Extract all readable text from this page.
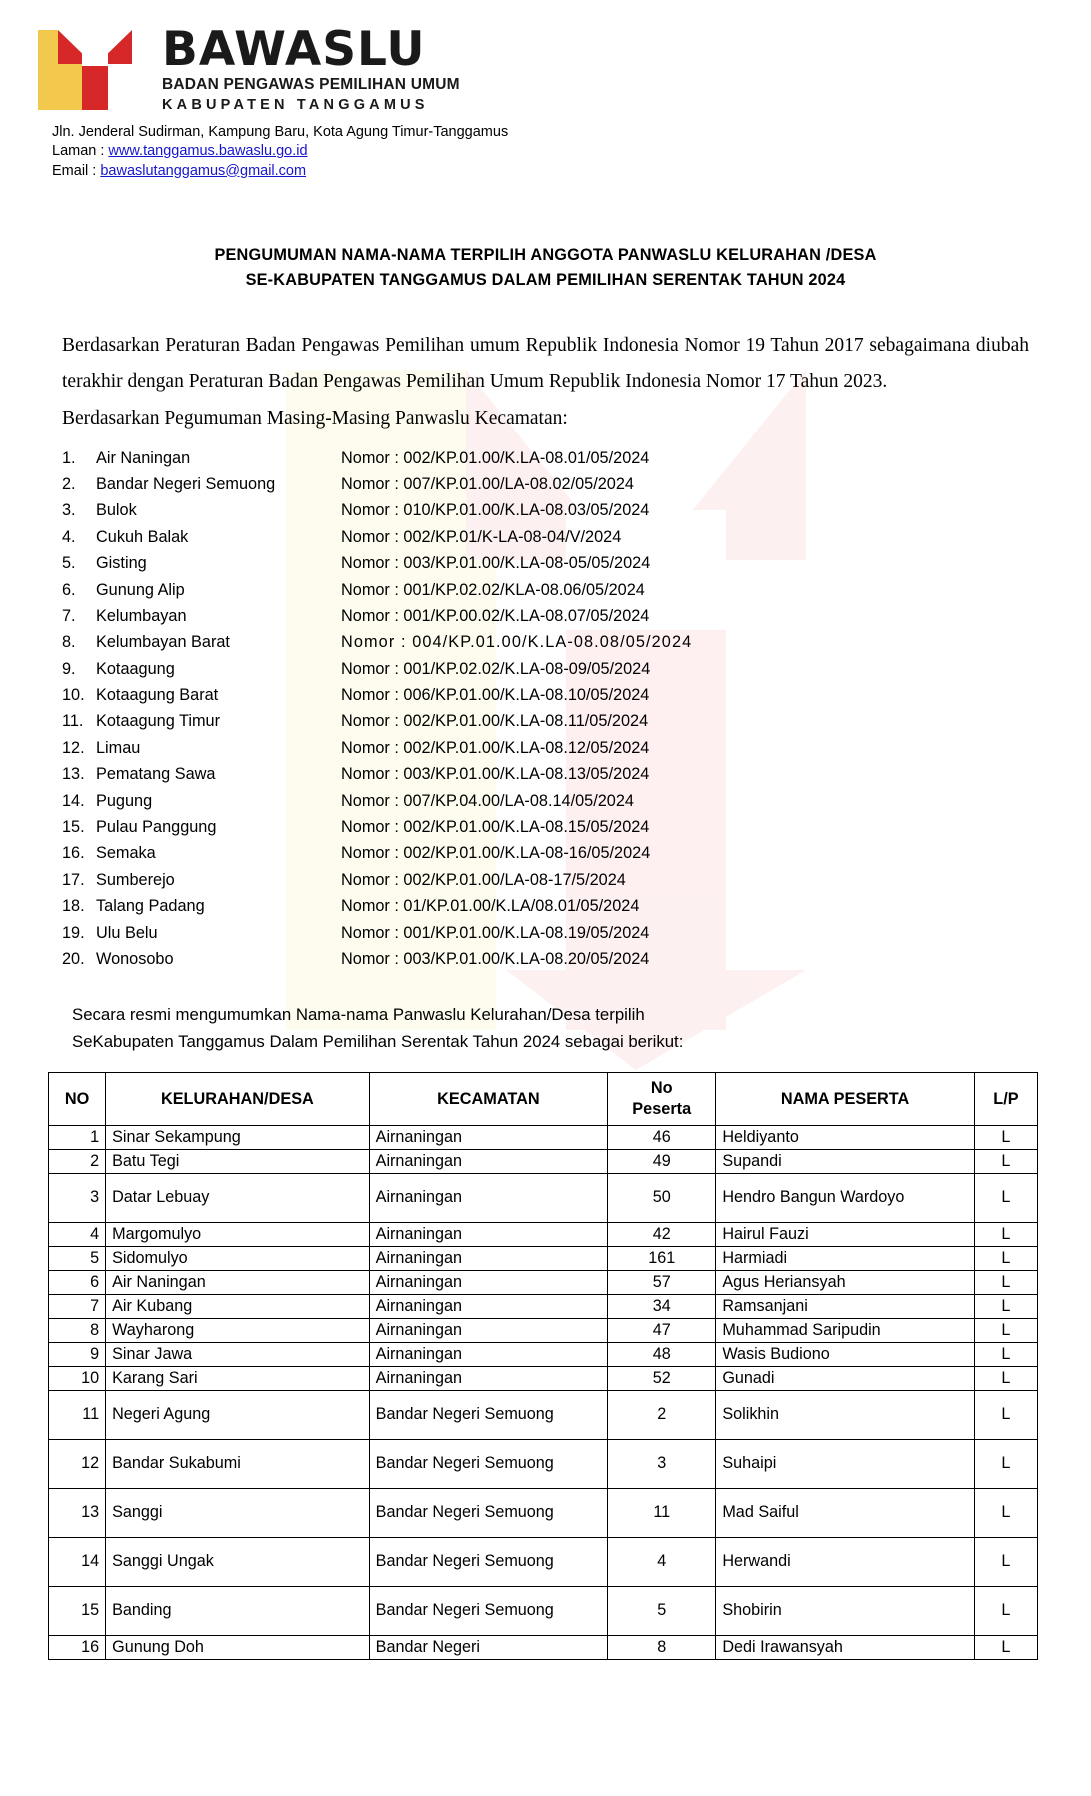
BAWASLU
BADAN PENGAWAS PEMILIHAN UMUM
KABUPATEN TANGGAMUS
Jln. Jenderal Sudirman, Kampung Baru, Kota Agung Timur-Tanggamus
Laman : www.tanggamus.bawaslu.go.id
Email : bawaslutanggamus@gmail.com
PENGUMUMAN NAMA-NAMA TERPILIH ANGGOTA PANWASLU KELURAHAN /DESA
SE-KABUPATEN TANGGAMUS DALAM PEMILIHAN SERENTAK TAHUN 2024
Berdasarkan Peraturan Badan Pengawas Pemilihan umum Republik Indonesia Nomor 19 Tahun 2017 sebagaimana diubah terakhir dengan Peraturan Badan Pengawas Pemilihan Umum Republik Indonesia Nomor 17 Tahun 2023.
Berdasarkan Pegumuman Masing-Masing Panwaslu Kecamatan:
1.	Air Naningan	Nomor : 002/KP.01.00/K.LA-08.01/05/2024
2.	Bandar Negeri Semuong	Nomor : 007/KP.01.00/LA-08.02/05/2024
3.	Bulok	Nomor : 010/KP.01.00/K.LA-08.03/05/2024
4.	Cukuh Balak	Nomor : 002/KP.01/K-LA-08-04/V/2024
5.	Gisting	Nomor : 003/KP.01.00/K.LA-08-05/05/2024
6.	Gunung Alip	Nomor : 001/KP.02.02/KLA-08.06/05/2024
7.	Kelumbayan	Nomor : 001/KP.00.02/K.LA-08.07/05/2024
8.	Kelumbayan Barat	Nomor : 004/KP.01.00/K.LA-08.08/05/2024
9.	Kotaagung	Nomor : 001/KP.02.02/K.LA-08-09/05/2024
10. Kotaagung Barat	Nomor : 006/KP.01.00/K.LA-08.10/05/2024
11. Kotaagung Timur	Nomor : 002/KP.01.00/K.LA-08.11/05/2024
12. Limau	Nomor : 002/KP.01.00/K.LA-08.12/05/2024
13. Pematang Sawa	Nomor : 003/KP.01.00/K.LA-08.13/05/2024
14. Pugung	Nomor : 007/KP.04.00/LA-08.14/05/2024
15. Pulau Panggung	Nomor : 002/KP.01.00/K.LA-08.15/05/2024
16. Semaka	Nomor : 002/KP.01.00/K.LA-08-16/05/2024
17. Sumberejo	Nomor : 002/KP.01.00/LA-08-17/5/2024
18. Talang Padang	Nomor : 01/KP.01.00/K.LA/08.01/05/2024
19. Ulu Belu	Nomor : 001/KP.01.00/K.LA-08.19/05/2024
20. Wonosobo	Nomor : 003/KP.01.00/K.LA-08.20/05/2024
Secara resmi mengumumkan Nama-nama Panwaslu Kelurahan/Desa terpilih
SeKabupaten Tanggamus Dalam Pemilihan Serentak Tahun 2024 sebagai berikut:
NO	KELURAHAN/DESA	KECAMATAN	No
Peserta	NAMA PESERTA	L/P
1	Sinar Sekampung	Airnaningan	46	Heldiyanto	L
2	Batu Tegi	Airnaningan	49	Supandi	L
3	Datar Lebuay	Airnaningan	50	Hendro Bangun Wardoyo	L
4	Margomulyo	Airnaningan	42	Hairul Fauzi	L
5	Sidomulyo	Airnaningan	161	Harmiadi	L
6	Air Naningan	Airnaningan	57	Agus Heriansyah	L
7	Air Kubang	Airnaningan	34	Ramsanjani	L
8	Wayharong	Airnaningan	47	Muhammad Saripudin	L
9	Sinar Jawa	Airnaningan	48	Wasis Budiono	L
10	Karang Sari	Airnaningan	52	Gunadi	L
11	Negeri Agung	Bandar Negeri Semuong	2	Solikhin	L
12	Bandar Sukabumi	Bandar Negeri Semuong	3	Suhaipi	L
13	Sanggi	Bandar Negeri Semuong	11	Mad Saiful	L
14	Sanggi Ungak	Bandar Negeri Semuong	4	Herwandi	L
15	Banding	Bandar Negeri Semuong	5	Shobirin	L
16	Gunung Doh	Bandar Negeri	8	Dedi Irawansyah	L
